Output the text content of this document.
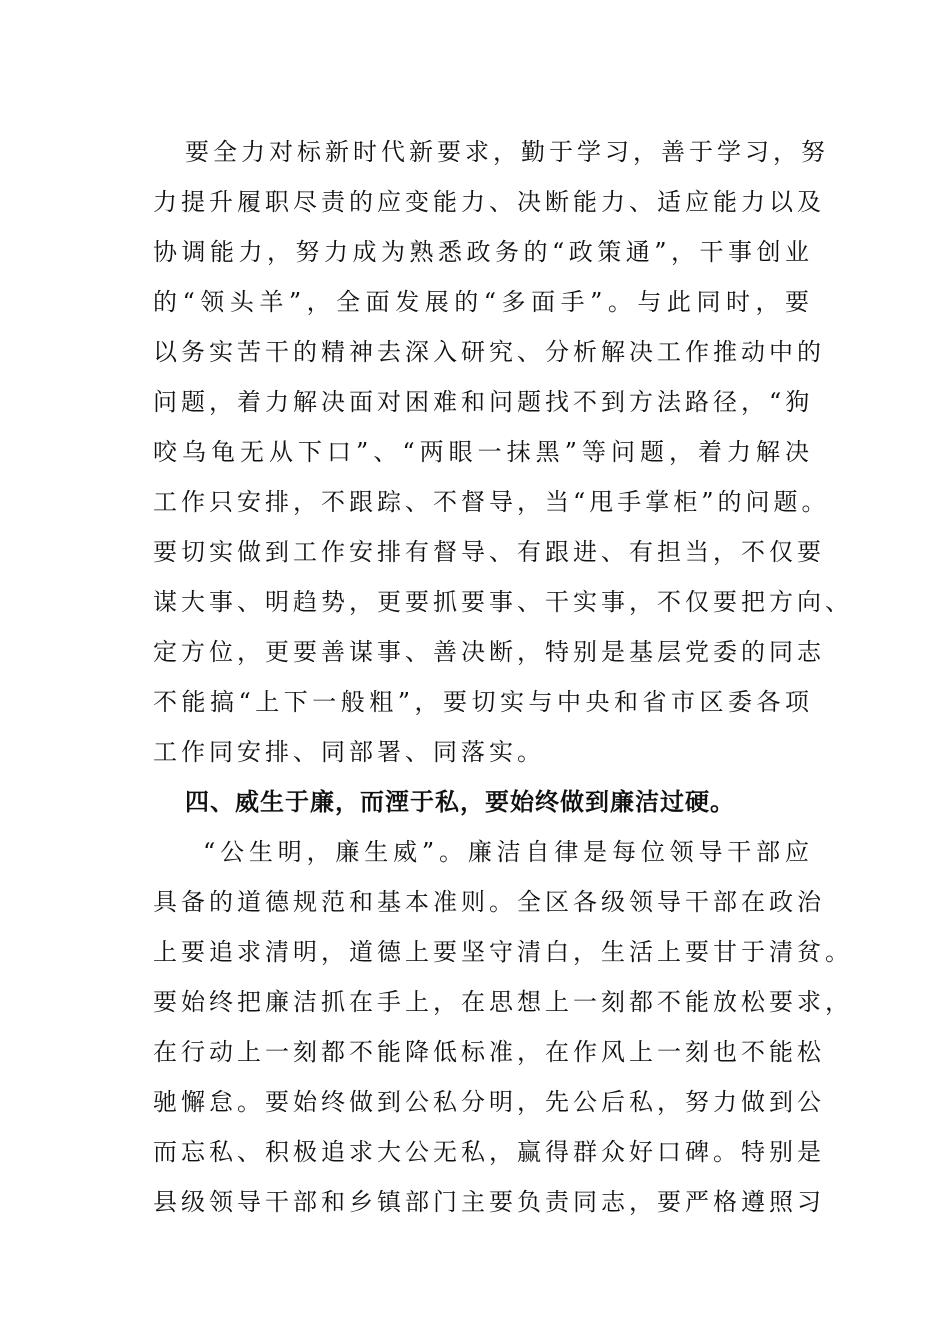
要全力对标新时代新要求，勤于学习，善于学习，努
力提升履职尽责的应变能力、决断能力、适应能力以及
协调能力，努力成为熟悉政务的“政策通”，干事创业
的“领头羊”，全面发展的“多面手”。与此同时，要
以务实苦干的精神去深入研究、分析解决工作推动中的
问题，着力解决面对困难和问题找不到方法路径，“狗
咬乌龟无从下口”、“两眼一抹黑”等问题，着力解决
工作只安排，不跟踪、不督导，当“甩手掌柜”的问题。
要切实做到工作安排有督导、有跟进、有担当，不仅要
谋大事、明趋势，更要抓要事、干实事，不仅要把方向、
定方位，更要善谋事、善决断，特别是基层党委的同志
不能搞“上下一般粗”，要切实与中央和省市区委各项
工作同安排、同部署、同落实。
四、威生于廉，而湮于私，要始终做到廉洁过硬。
“公生明，廉生威”。廉洁自律是每位领导干部应
具备的道德规范和基本准则。全区各级领导干部在政治
上要追求清明，道德上要坚守清白，生活上要甘于清贫。
要始终把廉洁抓在手上，在思想上一刻都不能放松要求，
在行动上一刻都不能降低标准，在作风上一刻也不能松
驰懈怠。要始终做到公私分明，先公后私，努力做到公
而忘私、积极追求大公无私，赢得群众好口碑。特别是
县级领导干部和乡镇部门主要负责同志，要严格遵照习
